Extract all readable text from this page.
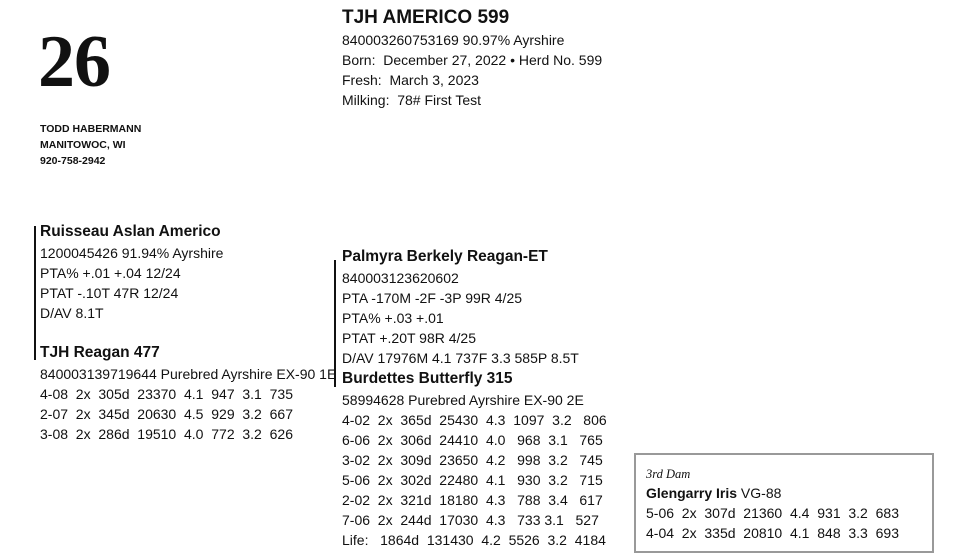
26
TODD HABERMANN
MANITOWOC, WI
920-758-2942
TJH AMERICO 599
840003260753169 90.97% Ayrshire
Born:  December 27, 2022 • Herd No. 599
Fresh:  March 3, 2023
Milking:  78# First Test
Ruisseau Aslan Americo
1200045426 91.94% Ayrshire
PTA% +.01 +.04 12/24
PTAT -.10T 47R 12/24
D/AV 8.1T
TJH Reagan 477
840003139719644 Purebred Ayrshire EX-90 1E
4-08  2x  305d  23370  4.1  947  3.1  735
2-07  2x  345d  20630  4.5  929  3.2  667
3-08  2x  286d  19510  4.0  772  3.2  626
Palmyra Berkely Reagan-ET
840003123620602
PTA -170M -2F -3P 99R 4/25
PTA% +.03 +.01
PTAT +.20T 98R 4/25
D/AV 17976M 4.1 737F 3.3 585P 8.5T
Burdettes Butterfly 315
58994628 Purebred Ayrshire EX-90 2E
4-02  2x  365d  25430  4.3  1097  3.2   806
6-06  2x  306d  24410  4.0   968  3.1   765
3-02  2x  309d  23650  4.2   998  3.2   745
5-06  2x  302d  22480  4.1   930  3.2   715
2-02  2x  321d  18180  4.3   788  3.4   617
7-06  2x  244d  17030  4.3   733 3.1   527
Life:   1864d  131430  4.2  5526  3.2  4184
3rd Dam
Glengarry Iris VG-88
5-06  2x  307d  21360  4.4  931  3.2  683
4-04  2x  335d  20810  4.1  848  3.3  693
